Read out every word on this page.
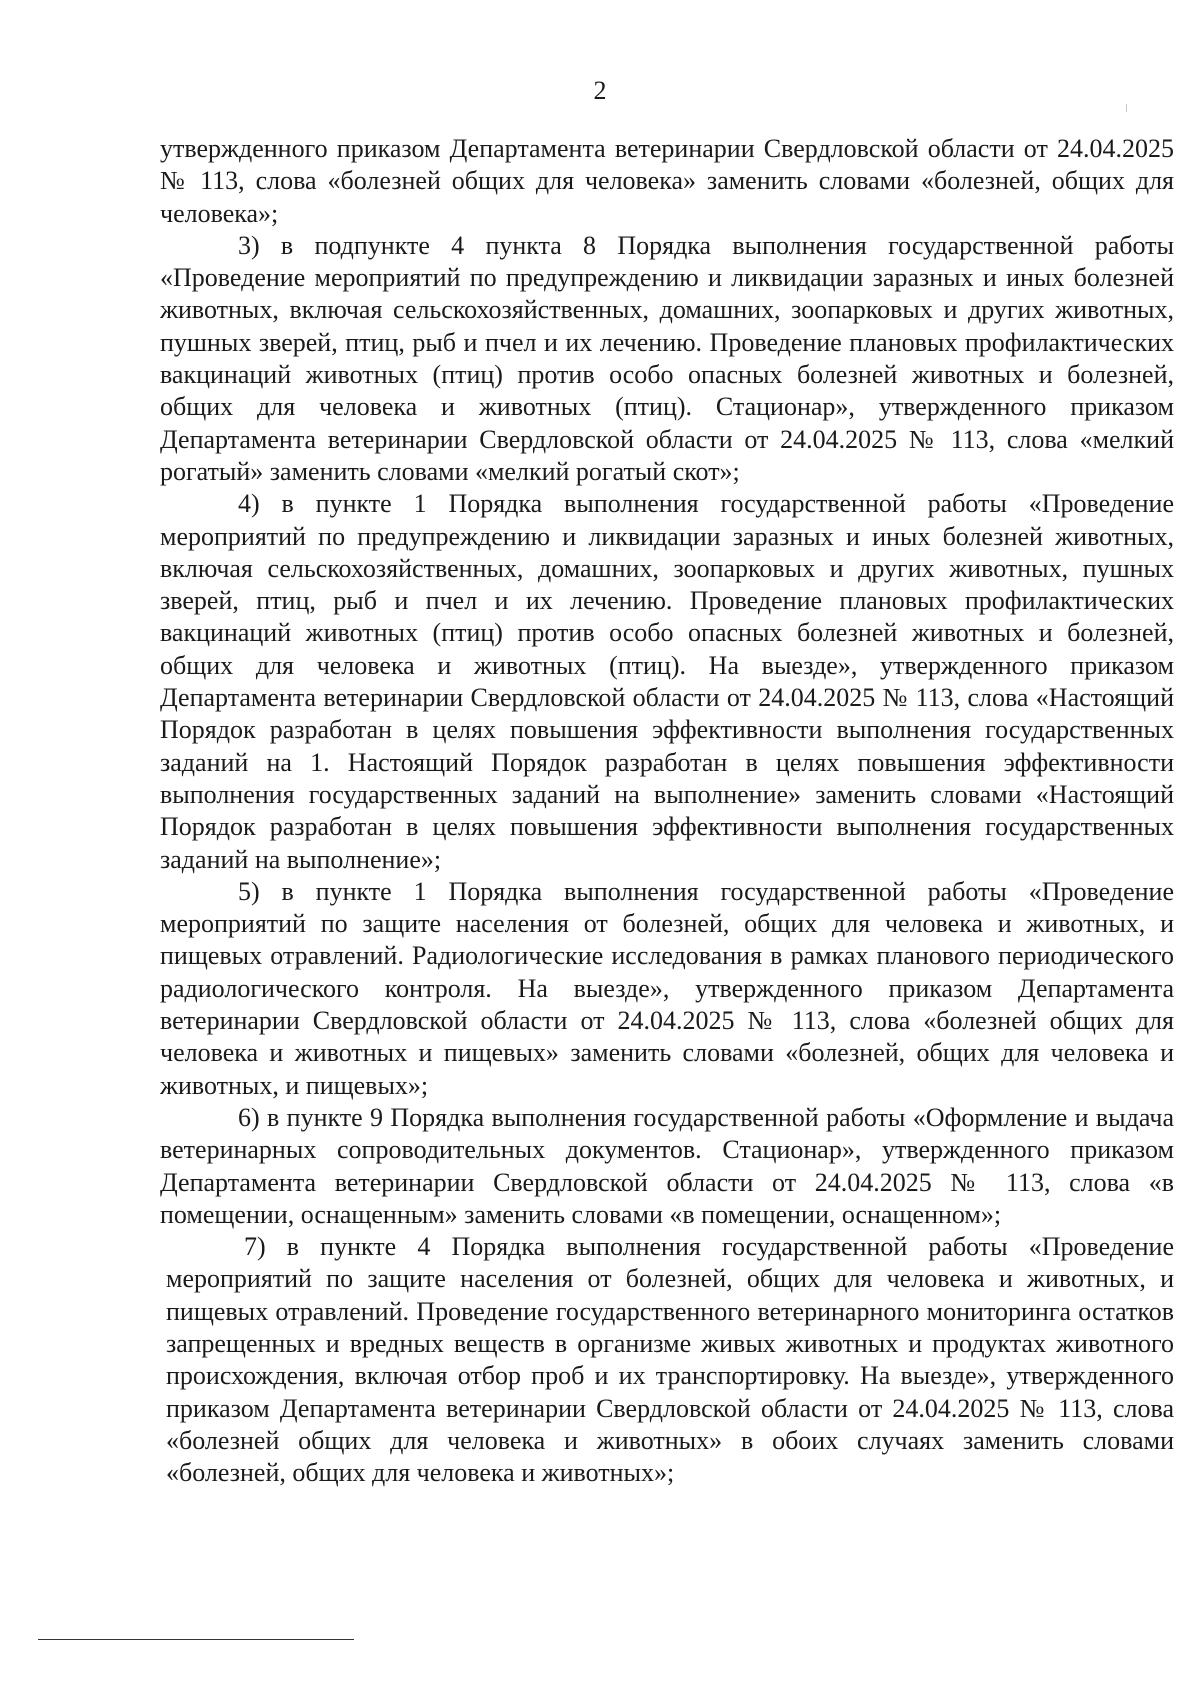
2

утвержденного приказом Департамента ветеринарии Свердловской области от 24.04.2025 № 113, слова «болезней общих для человека» заменить словами «болезней, общих для человека»;

3) в подпункте 4 пункта 8 Порядка выполнения государственной работы «Проведение мероприятий по предупреждению и ликвидации заразных и иных болезней животных, включая сельскохозяйственных, домашних, зоопарковых и других животных, пушных зверей, птиц, рыб и пчел и их лечению. Проведение плановых профилактических вакцинаций животных (птиц) против особо опасных болезней животных и болезней, общих для человека и животных (птиц). Стационар», утвержденного приказом Департамента ветеринарии Свердловской области от 24.04.2025 № 113, слова «мелкий рогатый» заменить словами «мелкий рогатый скот»;

4) в пункте 1 Порядка выполнения государственной работы «Проведение мероприятий по предупреждению и ликвидации заразных и иных болезней животных, включая сельскохозяйственных, домашних, зоопарковых и других животных, пушных зверей, птиц, рыб и пчел и их лечению. Проведение плановых профилактических вакцинаций животных (птиц) против особо опасных болезней животных и болезней, общих для человека и животных (птиц). На выезде», утвержденного приказом Департамента ветеринарии Свердловской области от 24.04.2025 № 113, слова «Настоящий Порядок разработан в целях повышения эффективности выполнения государственных заданий на 1. Настоящий Порядок разработан в целях повышения эффективности выполнения государственных заданий на выполнение» заменить словами «Настоящий Порядок разработан в целях повышения эффективности выполнения государственных заданий на выполнение»;

5) в пункте 1 Порядка выполнения государственной работы «Проведение мероприятий по защите населения от болезней, общих для человека и животных, и пищевых отравлений. Радиологические исследования в рамках планового периодического радиологического контроля. На выезде», утвержденного приказом Департамента ветеринарии Свердловской области от 24.04.2025 № 113, слова «болезней общих для человека и животных и пищевых» заменить словами «болезней, общих для человека и животных, и пищевых»;

6) в пункте 9 Порядка выполнения государственной работы «Оформление и выдача ветеринарных сопроводительных документов. Стационар», утвержденного приказом Департамента ветеринарии Свердловской области от 24.04.2025 № 113, слова «в помещении, оснащенным» заменить словами «в помещении, оснащенном»;

7) в пункте 4 Порядка выполнения государственной работы «Проведение мероприятий по защите населения от болезней, общих для человека и животных, и пищевых отравлений. Проведение государственного ветеринарного мониторинга остатков запрещенных и вредных веществ в организме живых животных и продуктах животного происхождения, включая отбор проб и их транспортировку. На выезде», утвержденного приказом Департамента ветеринарии Свердловской области от 24.04.2025 № 113, слова «болезней общих для человека и животных» в обоих случаях заменить словами «болезней, общих для человека и животных»;
